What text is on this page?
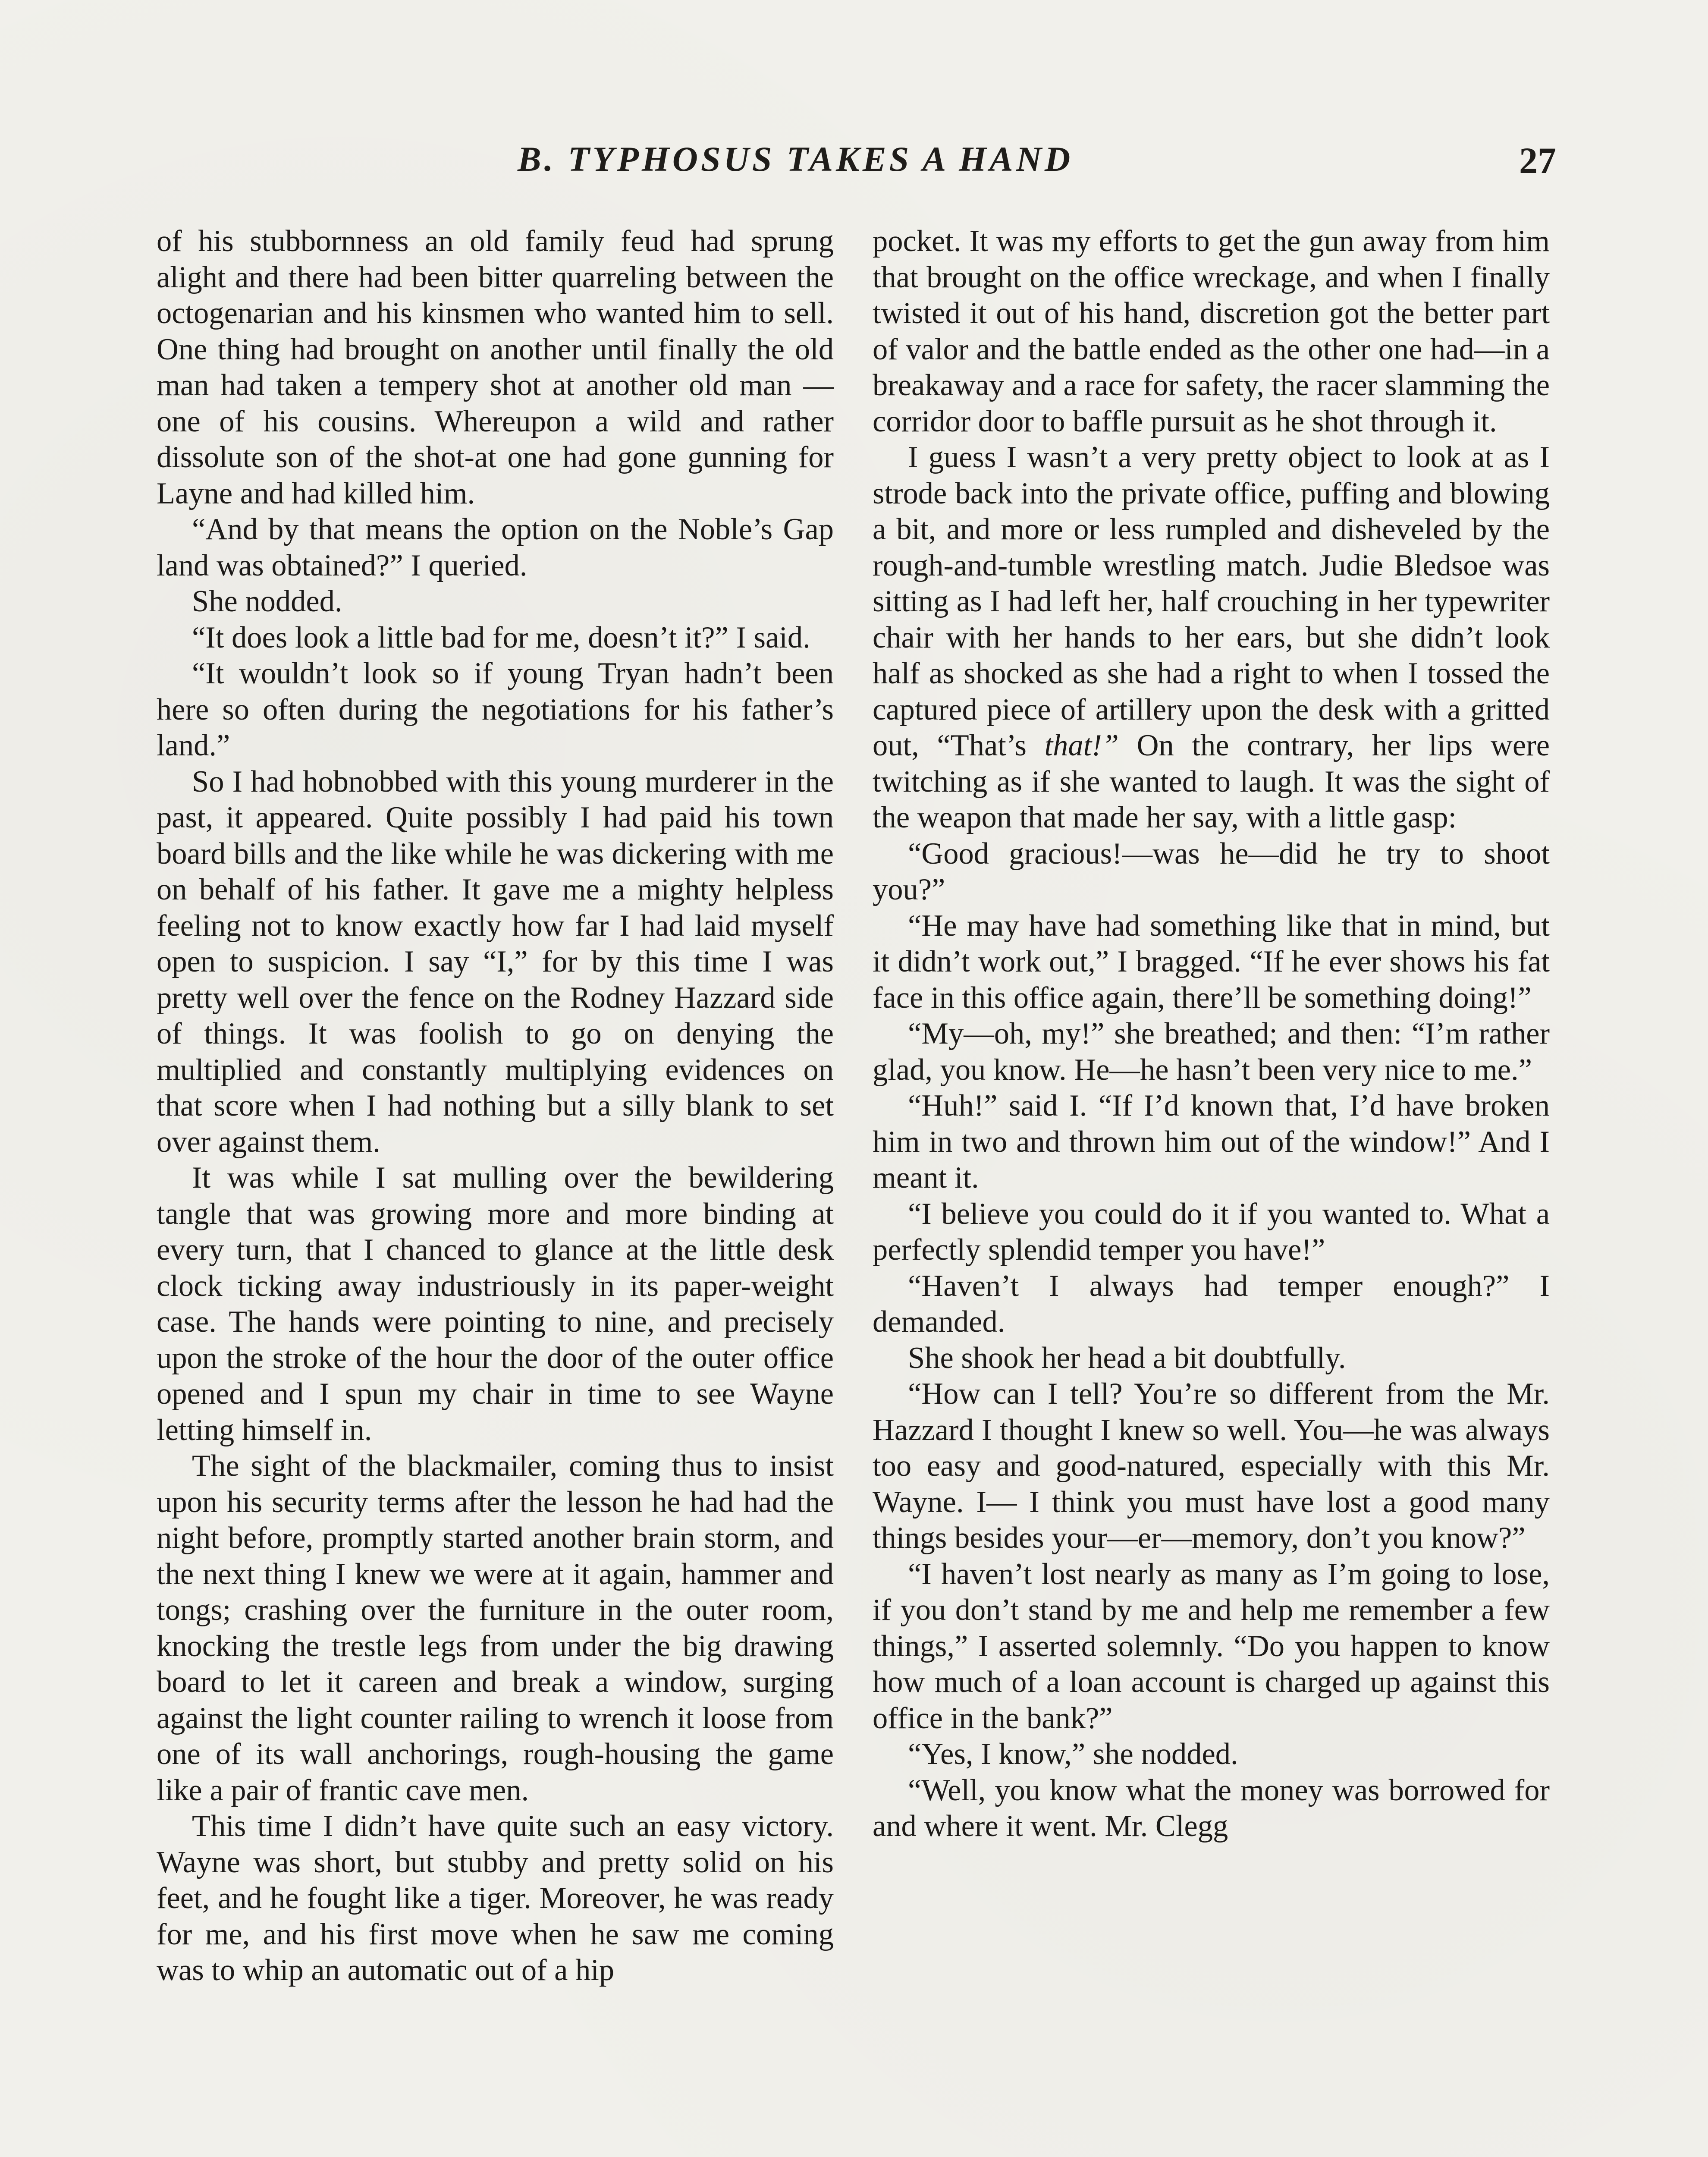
B. TYPHOSUS TAKES A HAND	27

of his stubbornness an old family feud had sprung alight and there had been bitter quarreling between the octogenarian and his kinsmen who wanted him to sell. One thing had brought on another until finally the old man had taken a tempery shot at another old man —one of his cousins. Whereupon a wild and rather dissolute son of the shot-at one had gone gunning for Layne and had killed him.

“And by that means the option on the Noble’s Gap land was obtained?” I queried.

She nodded.

“It does look a little bad for me, doesn’t it?” I said.

“It wouldn’t look so if young Tryan hadn’t been here so often during the negotiations for his father’s land.”

So I had hobnobbed with this young murderer in the past, it appeared. Quite possibly I had paid his town board bills and the like while he was dickering with me on behalf of his father. It gave me a mighty helpless feeling not to know exactly how far I had laid myself open to suspicion. I say “I,” for by this time I was pretty well over the fence on the Rodney Hazzard side of things. It was foolish to go on denying the multiplied and constantly multiplying evidences on that score when I had nothing but a silly blank to set over against them.

It was while I sat mulling over the bewildering tangle that was growing more and more binding at every turn, that I chanced to glance at the little desk clock ticking away industriously in its paper-weight case. The hands were pointing to nine, and precisely upon the stroke of the hour the door of the outer office opened and I spun my chair in time to see Wayne letting himself in.

The sight of the blackmailer, coming thus to insist upon his security terms after the lesson he had had the night before, promptly started another brain storm, and the next thing I knew we were at it again, hammer and tongs; crashing over the furniture in the outer room, knocking the trestle legs from under the big drawing board to let it careen and break a window, surging against the light counter railing to wrench it loose from one of its wall anchorings, rough-housing the game like a pair of frantic cave men.

This time I didn’t have quite such an easy victory. Wayne was short, but stubby and pretty solid on his feet, and he fought like a tiger. Moreover, he was ready for me, and his first move when he saw me coming was to whip an automatic out of a hip

pocket. It was my efforts to get the gun away from him that brought on the office wreckage, and when I finally twisted it out of his hand, discretion got the better part of valor and the battle ended as the other one had—in a breakaway and a race for safety, the racer slamming the corridor door to baffle pursuit as he shot through it.

I guess I wasn’t a very pretty object to look at as I strode back into the private office, puffing and blowing a bit, and more or less rumpled and disheveled by the rough-and-tumble wrestling match. Judie Bledsoe was sitting as I had left her, half crouching in her typewriter chair with her hands to her ears, but she didn’t look half as shocked as she had a right to when I tossed the captured piece of artillery upon the desk with a gritted out, “That’s that!” On the contrary, her lips were twitching as if she wanted to laugh. It was the sight of the weapon that made her say, with a little gasp:

“Good gracious!—was he—did he try to shoot you?”

“He may have had something like that in mind, but it didn’t work out,” I bragged. “If he ever shows his fat face in this office again, there’ll be something doing!”

“My—oh, my!” she breathed; and then: “I’m rather glad, you know. He—he hasn’t been very nice to me.”

“Huh!” said I. “If I’d known that, I’d have broken him in two and thrown him out of the window!” And I meant it.

“I believe you could do it if you wanted to. What a perfectly splendid temper you have!”

“Haven’t I always had temper enough?” I demanded.

She shook her head a bit doubtfully.

“How can I tell? You’re so different from the Mr. Hazzard I thought I knew so well. You—he was always too easy and good-natured, especially with this Mr. Wayne. I— I think you must have lost a good many things besides your—er—memory, don’t you know?”

“I haven’t lost nearly as many as I’m going to lose, if you don’t stand by me and help me remember a few things,” I asserted solemnly. “Do you happen to know how much of a loan account is charged up against this office in the bank?”

“Yes, I know,” she nodded.

“Well, you know what the money was borrowed for and where it went. Mr. Clegg
